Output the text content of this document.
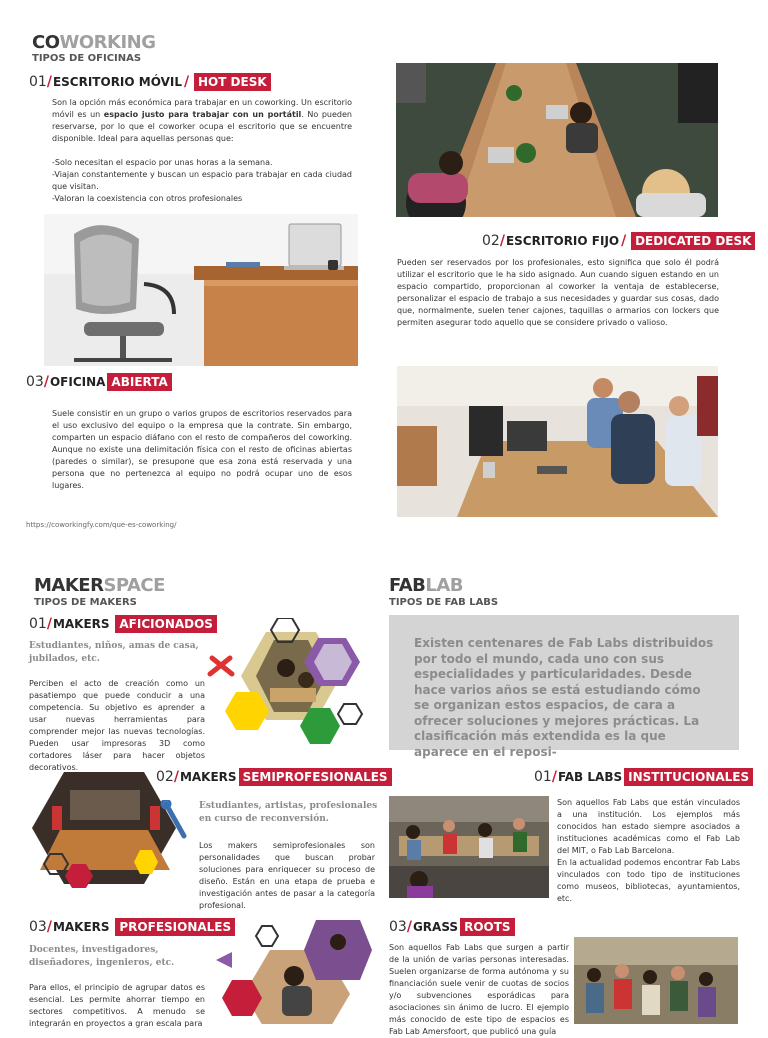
COWORKING
TIPOS DE OFICINAS
01 / ESCRITORIO MÓVIL /
HOT DESK

Son la opción más económica para trabajar en un coworking. Un escritorio móvil es un espacio justo para trabajar con un portátil. No pueden reservarse, por lo que el coworker ocupa el escritorio que se encuentre disponible. Ideal para aquellas personas que:

-Solo necesitan el espacio por unas horas a la semana.

-Viajan constantemente y buscan un espacio para trabajar en cada ciudad que visitan.

-Valoran la coexistencia con otros profesionales

02 / ESCRITORIO FIJO /
DEDICATED DESK
Pueden ser reservados por los profesionales, esto significa que solo él podrá utilizar el escritorio que le ha sido asignado. Aun cuando siguen estando en un espacio compartido, proporcionan al coworker la ventaja de establecerse, personalizar el espacio de trabajo a sus necesidades y guardar sus cosas, dado que, normalmente, suelen tener cajones, taquillas o armarios con lockers que permiten asegurar todo aquello que se considere privado o valioso.
03 / OFICINA ABIERTA
Suele consistir en un grupo o varios grupos de escritorios reservados para el uso exclusivo del equipo o la empresa que la contrate. Sin embargo, comparten un espacio diáfano con el resto de compañeros del coworking. Aunque no existe una delimitación física con el resto de oficinas abiertas (paredes o similar), se presupone que esa zona está reservada y una persona que no pertenezca al equipo no podrá ocupar uno de esos lugares.
https://coworkingfy.com/que-es-coworking/
MAKERSPACE
TIPOS DE MAKERS
01 / MAKERS
AFICIONADOS
Estudiantes, niños, amas de casa, jubilados, etc.
Perciben el acto de creación como un pasatiempo que puede conducir a una competencia. Su objetivo es aprender a usar nuevas herramientas para comprender mejor las nuevas tecnologías. Pueden usar impresoras 3D como cortadores láser para hacer objetos decorativos.
02 / MAKERS SEMIPROFESIONALES
Estudiantes, artistas, profesionales en curso de reconversión.
Los makers semiprofesionales son personalidades que buscan probar soluciones para enriquecer su proceso de diseño. Están en una etapa de prueba e investigación antes de pasar a la categoría profesional.
03 / MAKERS
PROFESIONALES
Docentes, investigadores, diseñadores, ingenieros, etc.
Para ellos, el principio de agrupar datos es esencial. Les permite ahorrar tiempo en sectores competitivos. A menudo se integrarán en proyectos a gran escala para
FABLAB
TIPOS DE FAB LABS
Existen centenares de Fab Labs distribuidos por todo el mundo, cada uno con sus especialidades y particularidades. Desde hace varios años se está estudiando cómo se organizan estos espacios, de cara a ofrecer soluciones y mejores prácticas. La clasificación más extendida es la que aparece en el reposi-
01 / FAB LABS INSTITUCIONALES

Son aquellos Fab Labs que están vinculados a una institución. Los ejemplos más conocidos han estado siempre asociados a instituciones académicas como el Fab Lab del MIT, o Fab Lab Barcelona.

En la actualidad podemos encontrar Fab Labs vinculados con todo tipo de instituciones como museos, bibliotecas, ayuntamientos, etc.

03 / GRASS ROOTS
Son aquellos Fab Labs que surgen a partir de la unión de varias personas interesadas. Suelen organizarse de forma autónoma y su financiación suele venir de cuotas de socios y/o subvenciones esporádicas para asociaciones sin ánimo de lucro. El ejemplo más conocido de este tipo de espacios es Fab Lab Amersfoort, que publicó una guía
